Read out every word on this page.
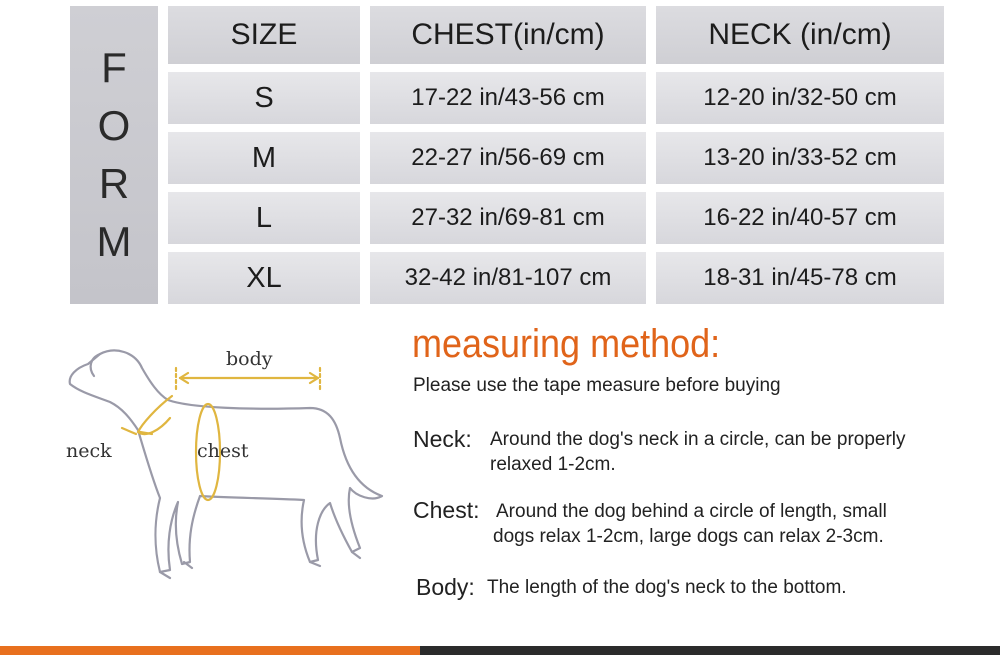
F
O
R
M
SIZE	CHEST(in/cm)	NECK (in/cm)
S	17-22 in/43-56 cm	12-20 in/32-50 cm
M	22-27 in/56-69 cm	13-20 in/33-52 cm
L	27-32 in/69-81 cm	16-22 in/40-57 cm
XL	32-42 in/81-107 cm	18-31 in/45-78 cm
body
neck	chest
measuring method:
Please use the tape measure before buying
Neck: Around the dog's neck in a circle, can be properly
relaxed 1-2cm.
Chest: Around the dog behind a circle of length, small
dogs relax 1-2cm, large dogs can relax 2-3cm.
Body: The length of the dog's neck to the bottom.
